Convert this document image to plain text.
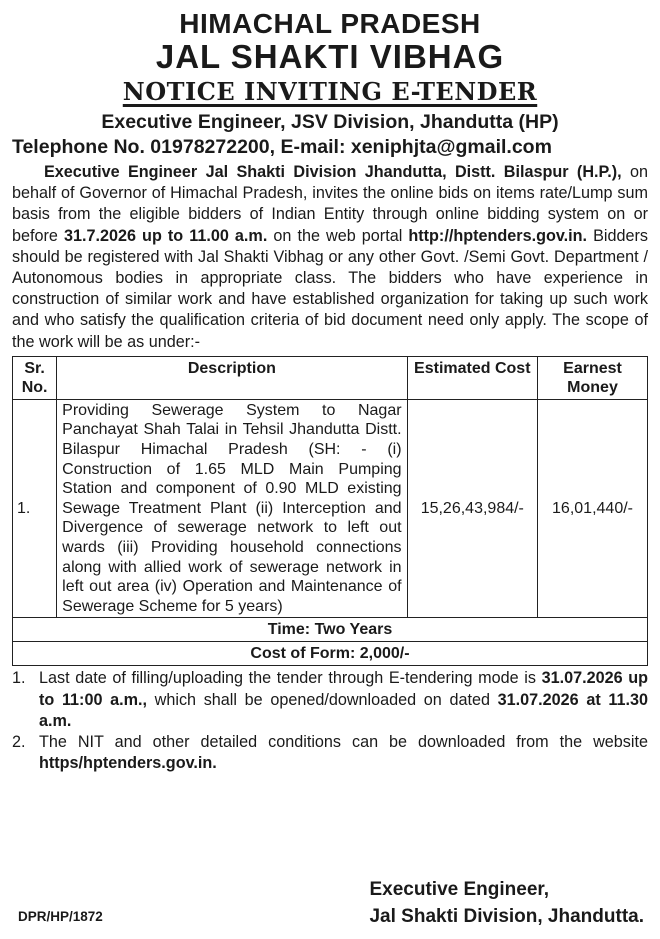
HIMACHAL PRADESH
JAL SHAKTI VIBHAG
NOTICE INVITING E-TENDER
Executive Engineer, JSV Division, Jhandutta (HP)
Telephone No. 01978272200, E-mail: xeniphjta@gmail.com
Executive Engineer Jal Shakti Division Jhandutta, Distt. Bilaspur (H.P.), on behalf of Governor of Himachal Pradesh, invites the online bids on items rate/Lump sum basis from the eligible bidders of Indian Entity through online bidding system on or before 31.7.2026 up to 11.00 a.m. on the web portal http://hptenders.gov.in. Bidders should be registered with Jal Shakti Vibhag or any other Govt. /Semi Govt. Department / Autonomous bodies in appropriate class. The bidders who have experience in construction of similar work and have established organization for taking up such work and who satisfy the qualification criteria of bid document need only apply. The scope of the work will be as under:-
Sr. No.	Description	Estimated Cost	Earnest Money
1.	Providing Sewerage System to Nagar Panchayat Shah Talai in Tehsil Jhandutta Distt. Bilaspur Himachal Pradesh (SH: - (i) Construction of 1.65 MLD Main Pumping Station and component of 0.90 MLD existing Sewage Treatment Plant (ii) Interception and Divergence of sewerage network to left out wards (iii) Providing household connections along with allied work of sewerage network in left out area (iv) Operation and Maintenance of Sewerage Scheme for 5 years)	15,26,43,984/-	16,01,440/-
Time: Two Years			
Cost of Form: 2,000/-			
1. Last date of filling/uploading the tender through E-tendering mode is 31.07.2026 up to 11:00 a.m., which shall be opened/downloaded on dated 31.07.2026 at 11.30 a.m.
2. The NIT and other detailed conditions can be downloaded from the website https/hptenders.gov.in.
Executive Engineer,
Jal Shakti Division, Jhandutta.
DPR/HP/1872
